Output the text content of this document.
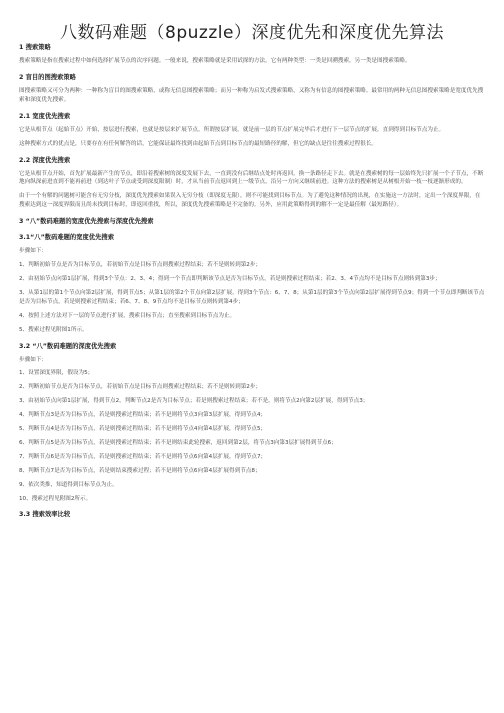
八数码难题（8puzzle）深度优先和深度优先算法
1 搜索策略
搜索策略是指在搜索过程中如何选择扩展节点的次序问题。一般来说，搜索策略就是采用试探的方法。它有两种类型：一类是回溯搜索，另一类是图搜索策略。
2 盲目的图搜索策略
图搜索策略又可分为两种：一种称为盲目的图搜索策略，或称无信息图搜索策略；而另一种称为启发式搜索策略，又称为有信息的图搜索策略。最常用的两种无信息图搜索策略是宽度优先搜索和深度优先搜索。
2.1 宽度优先搜索
它是从根节点（起始节点）开始，按层进行搜索，也就是按层来扩展节点。所谓按层扩展，就是前一层的节点扩展完毕后才进行下一层节点的扩展，直到得到目标节点为止。
这种搜索方式的优点是，只要存在有任何解答的话，它能保证最终找到由起始节点到目标节点的最短路径的解，但它的缺点是往往搜索过程很长。
2.2 深度优先搜索
它是从根节点开始，首先扩展最新产生的节点，即沿着搜索树的深度发展下去，一直到没有后继结点处时再返回，换一条路径走下去。就是在搜索树的每一层始终先只扩展一个子节点，不断地向纵深前进直到不能再前进（到达叶子节点或受到深度限制）时，才从当前节点返回到上一级节点，沿另一方向又继续前进。这种方法的搜索树是从树根开始一枝一枝逐渐形成的。
由于一个有解的问题树可能含有无穷分枝，深度优先搜索如果误入无穷分枝（即深度无限），则不可能找到目标节点。为了避免这种情况的出现，在实施这一方法时，定出一个深度界限，在搜索达到这一深度界限而且尚未找到目标时，即返回重找，所以，深度优先搜索策略是不完备的。另外，应用此策略得到的解不一定是最佳解（最短路径）。
3 “八”数码难题的宽度优先搜索与深度优先搜索
3.1“八”数码难题的宽度优先搜索
步骤如下：
1、判断初始节点是否为目标节点，若初始节点是目标节点则搜索过程结束；若不是则转到第2步；
2、由初始节点向第1层扩展，得到3个节点：2、3、4；得到一个节点即判断该节点是否为目标节点，若是则搜索过程结束；若2、3、4节点均不是目标节点则转到第3步；
3、从第1层的第1个节点向第2层扩展，得到节点5；从第1层的第2个节点向第2层扩展，得到3个节点：6、7、8；从第1层的第3个节点向第2层扩展得到节点9；得到一个节点即判断该节点是否为目标节点，若是则搜索过程结束；若6、7、8、9节点均不是目标节点则转到第4步；
4、按照上述方法对下一层的节点进行扩展，搜索目标节点；直至搜索到目标节点为止。
5、搜索过程见附图1所示。
3.2 “八”数码难题的深度优先搜索
步骤如下：
1、设置深度界限，假设为5；
2、判断初始节点是否为目标节点，若初始节点是目标节点则搜索过程结束；若不是则转到第2步；
3、由初始节点向第1层扩展，得到节点2，判断节点2是否为目标节点；若是则搜索过程结束；若不是，则将节点2向第2层扩展，得到节点3；
4、判断节点3是否为目标节点，若是则搜索过程结束；若不是则将节点3向第3层扩展，得到节点4；
5、判断节点4是否为目标节点，若是则搜索过程结束；若不是则将节点4向第4层扩展，得到节点5；
6、判断节点5是否为目标节点，若是则搜索过程结束；若不是则结束此轮搜索，返回到第2层，将节点3向第3层扩展得到节点6；
7、判断节点6是否为目标节点，若是则搜索过程结束；若不是则将节点6向第4层扩展，得到节点7；
8、判断节点7是否为目标节点，若是则结束搜索过程；若不是则将节点6向第4层扩展得到节点8；
9、依次类推，知道得到目标节点为止。
10、搜索过程见附图2所示。
3.3 搜索效率比较
